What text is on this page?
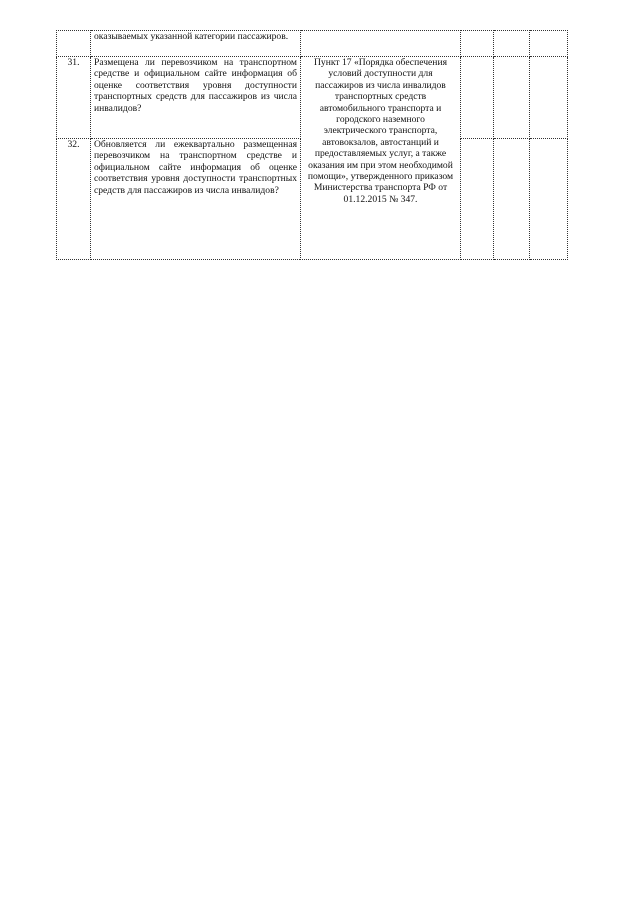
	оказываемых указанной категории пассажиров.				
31.	Размещена ли перевозчиком на транспортном средстве и официальном сайте информация об оценке соответствия уровня доступности транспортных средств для пассажиров из числа инвалидов?	Пункт 17 «Порядка обеспечения условий доступности для пассажиров из числа инвалидов транспортных средств автомобильного транспорта и городского наземного электрического транспорта, автовокзалов, автостанций и предоставляемых услуг, а также оказания им при этом необходимой помощи», утвержденного приказом Министерства транспорта РФ от 01.12.2015 № 347.			

32.	Обновляется ли ежеквартально размещенная перевозчиком на транспортном средстве и официальном сайте информация об оценке соответствия уровня доступности транспортных средств для пассажиров из числа инвалидов?				
